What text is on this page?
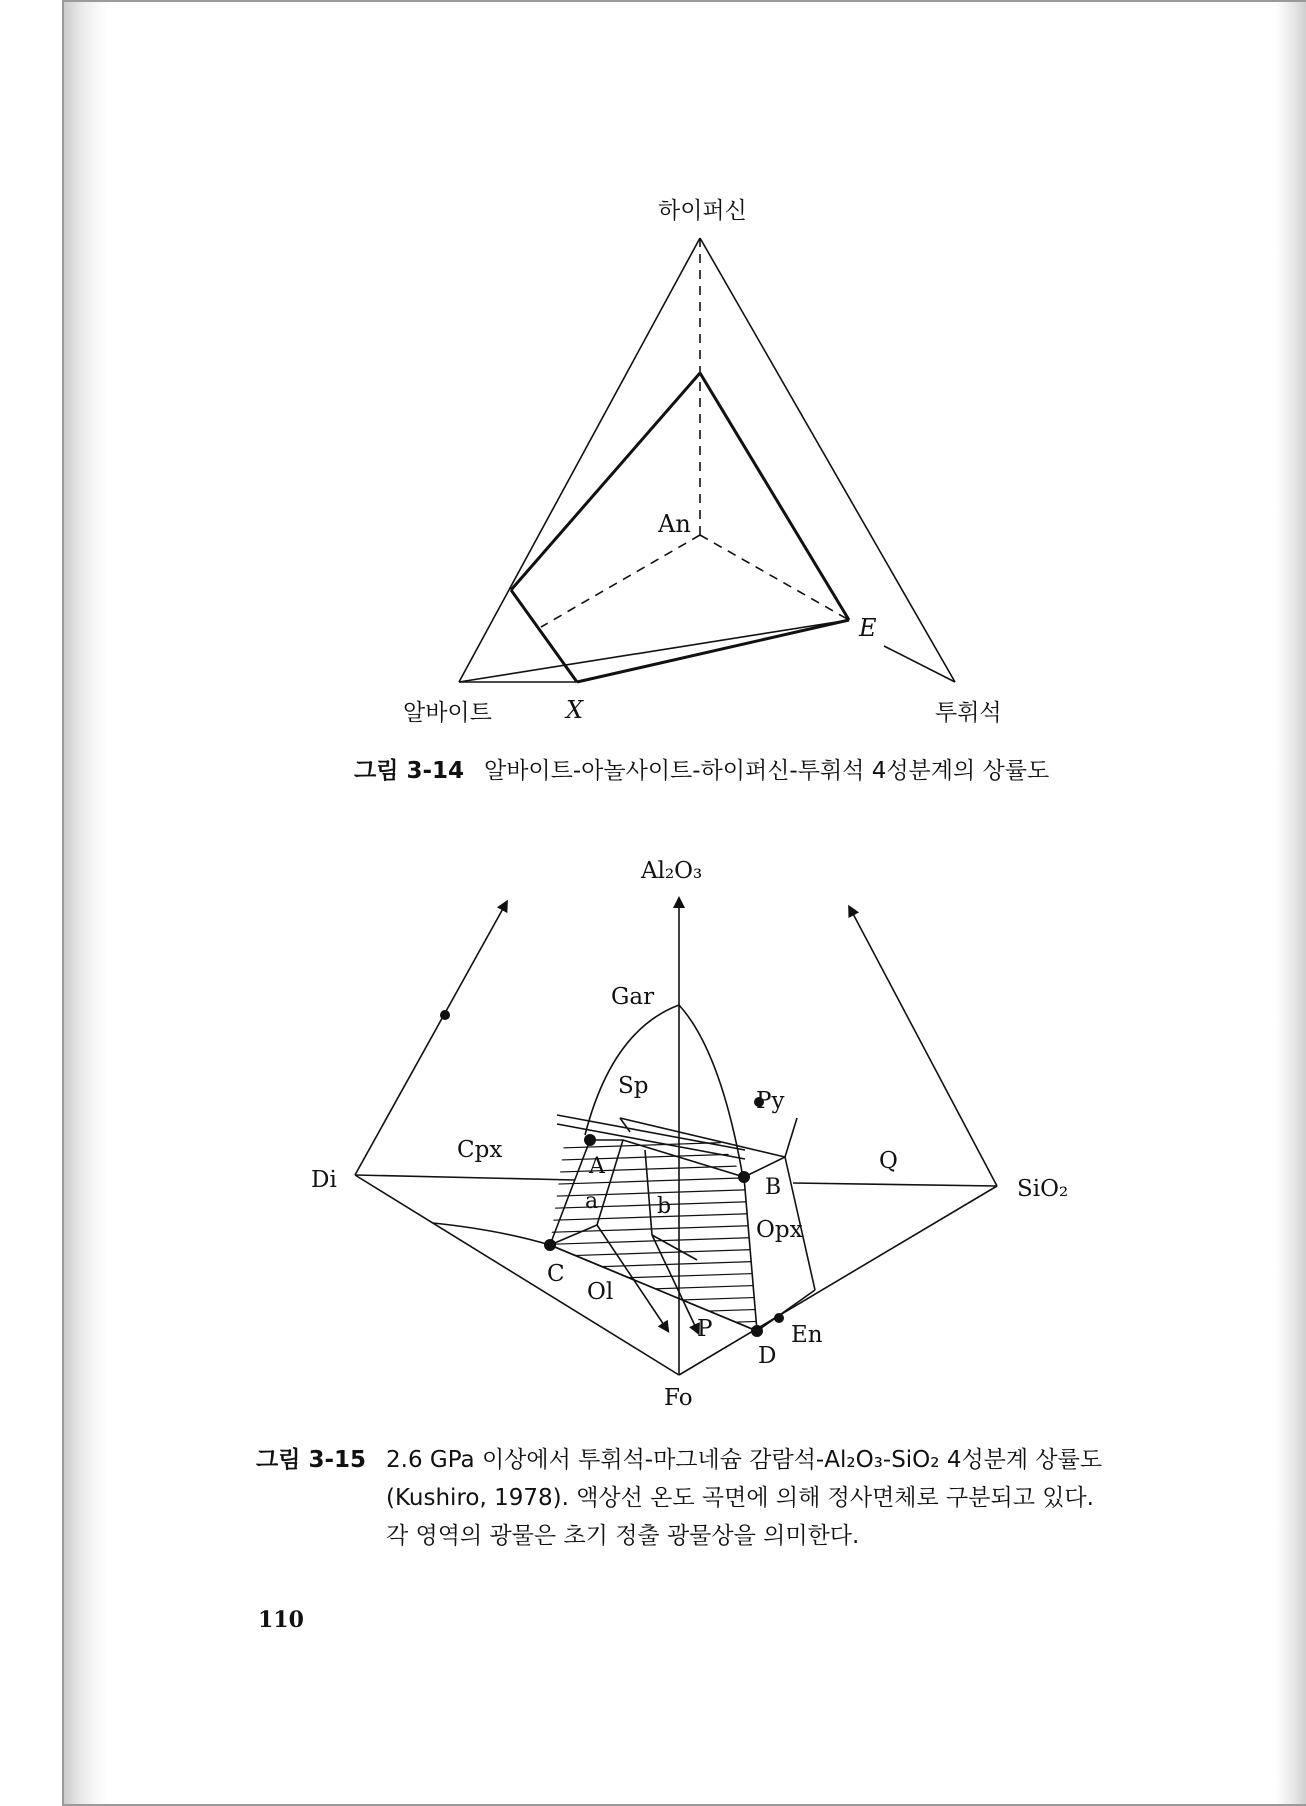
하이퍼신
An
알바이트	X
E
투휘석
그림 3-14 알바이트-아놀사이트-하이퍼신-투휘석 4성분계의 상률도
Al₂O₃
Gar
Sp
Py
Cpx	Q
Di	SiO₂
A
B
a	b
Opx
C
Ol
P
D
En
Fo
그림 3-15 2.6 GPa 이상에서 투휘석-마그네슘 감람석-Al₂O₃-SiO₂ 4성분계 상률도
(Kushiro, 1978). 액상선 온도 곡면에 의해 정사면체로 구분되고 있다.
각 영역의 광물은 초기 정출 광물상을 의미한다.
110
